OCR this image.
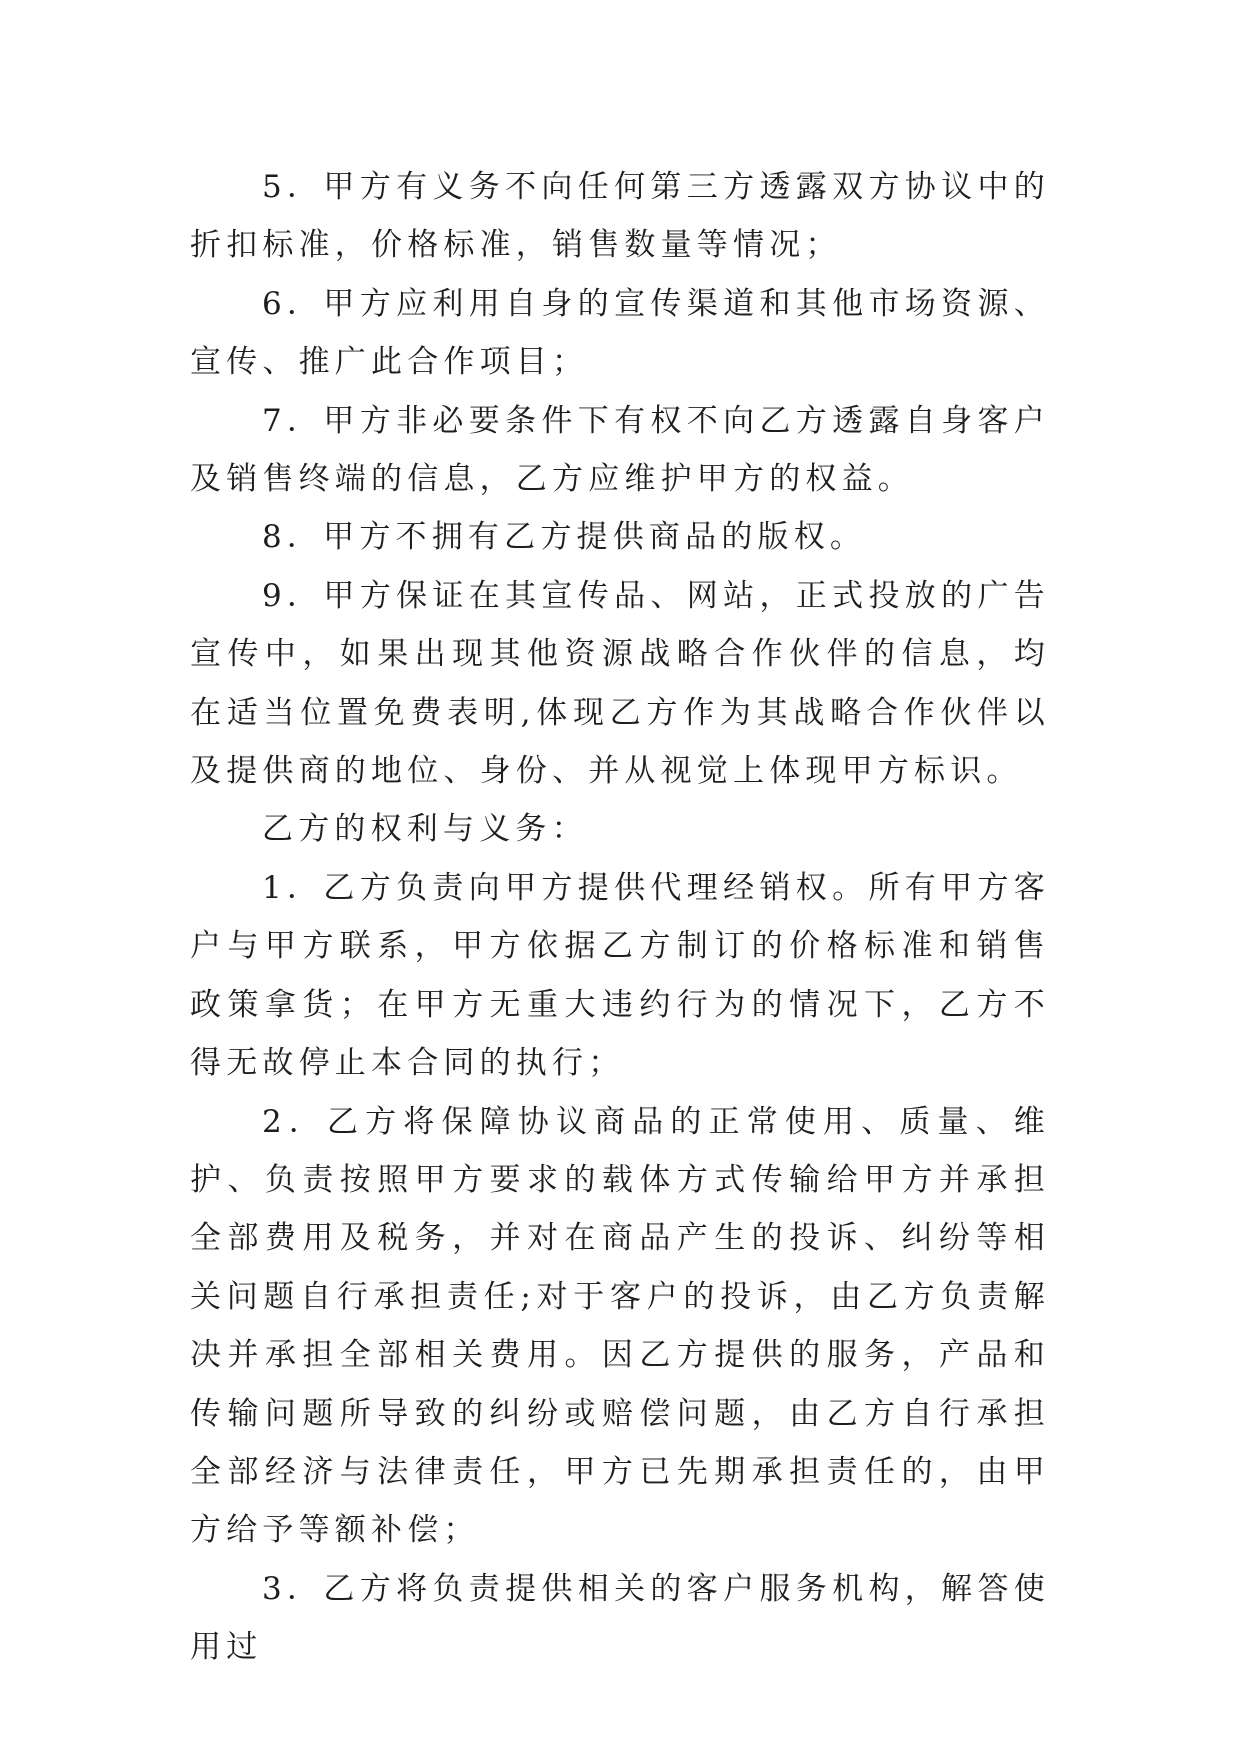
5．甲方有义务不向任何第三方透露双方协议中的折扣标准，价格标准，销售数量等情况；

6．甲方应利用自身的宣传渠道和其他市场资源、宣传、推广此合作项目；

7．甲方非必要条件下有权不向乙方透露自身客户及销售终端的信息，乙方应维护甲方的权益。

8．甲方不拥有乙方提供商品的版权。

9．甲方保证在其宣传品、网站，正式投放的广告宣传中，如果出现其他资源战略合作伙伴的信息，均在适当位置免费表明,体现乙方作为其战略合作伙伴以及提供商的地位、身份、并从视觉上体现甲方标识。

乙方的权利与义务：

1．乙方负责向甲方提供代理经销权。所有甲方客户与甲方联系，甲方依据乙方制订的价格标准和销售政策拿货；在甲方无重大违约行为的情况下，乙方不得无故停止本合同的执行；

2．乙方将保障协议商品的正常使用、质量、维护、负责按照甲方要求的载体方式传输给甲方并承担全部费用及税务，并对在商品产生的投诉、纠纷等相关问题自行承担责任;对于客户的投诉，由乙方负责解决并承担全部相关费用。因乙方提供的服务，产品和传输问题所导致的纠纷或赔偿问题，由乙方自行承担全部经济与法律责任，甲方已先期承担责任的，由甲方给予等额补偿；

3．乙方将负责提供相关的客户服务机构，解答使用过
